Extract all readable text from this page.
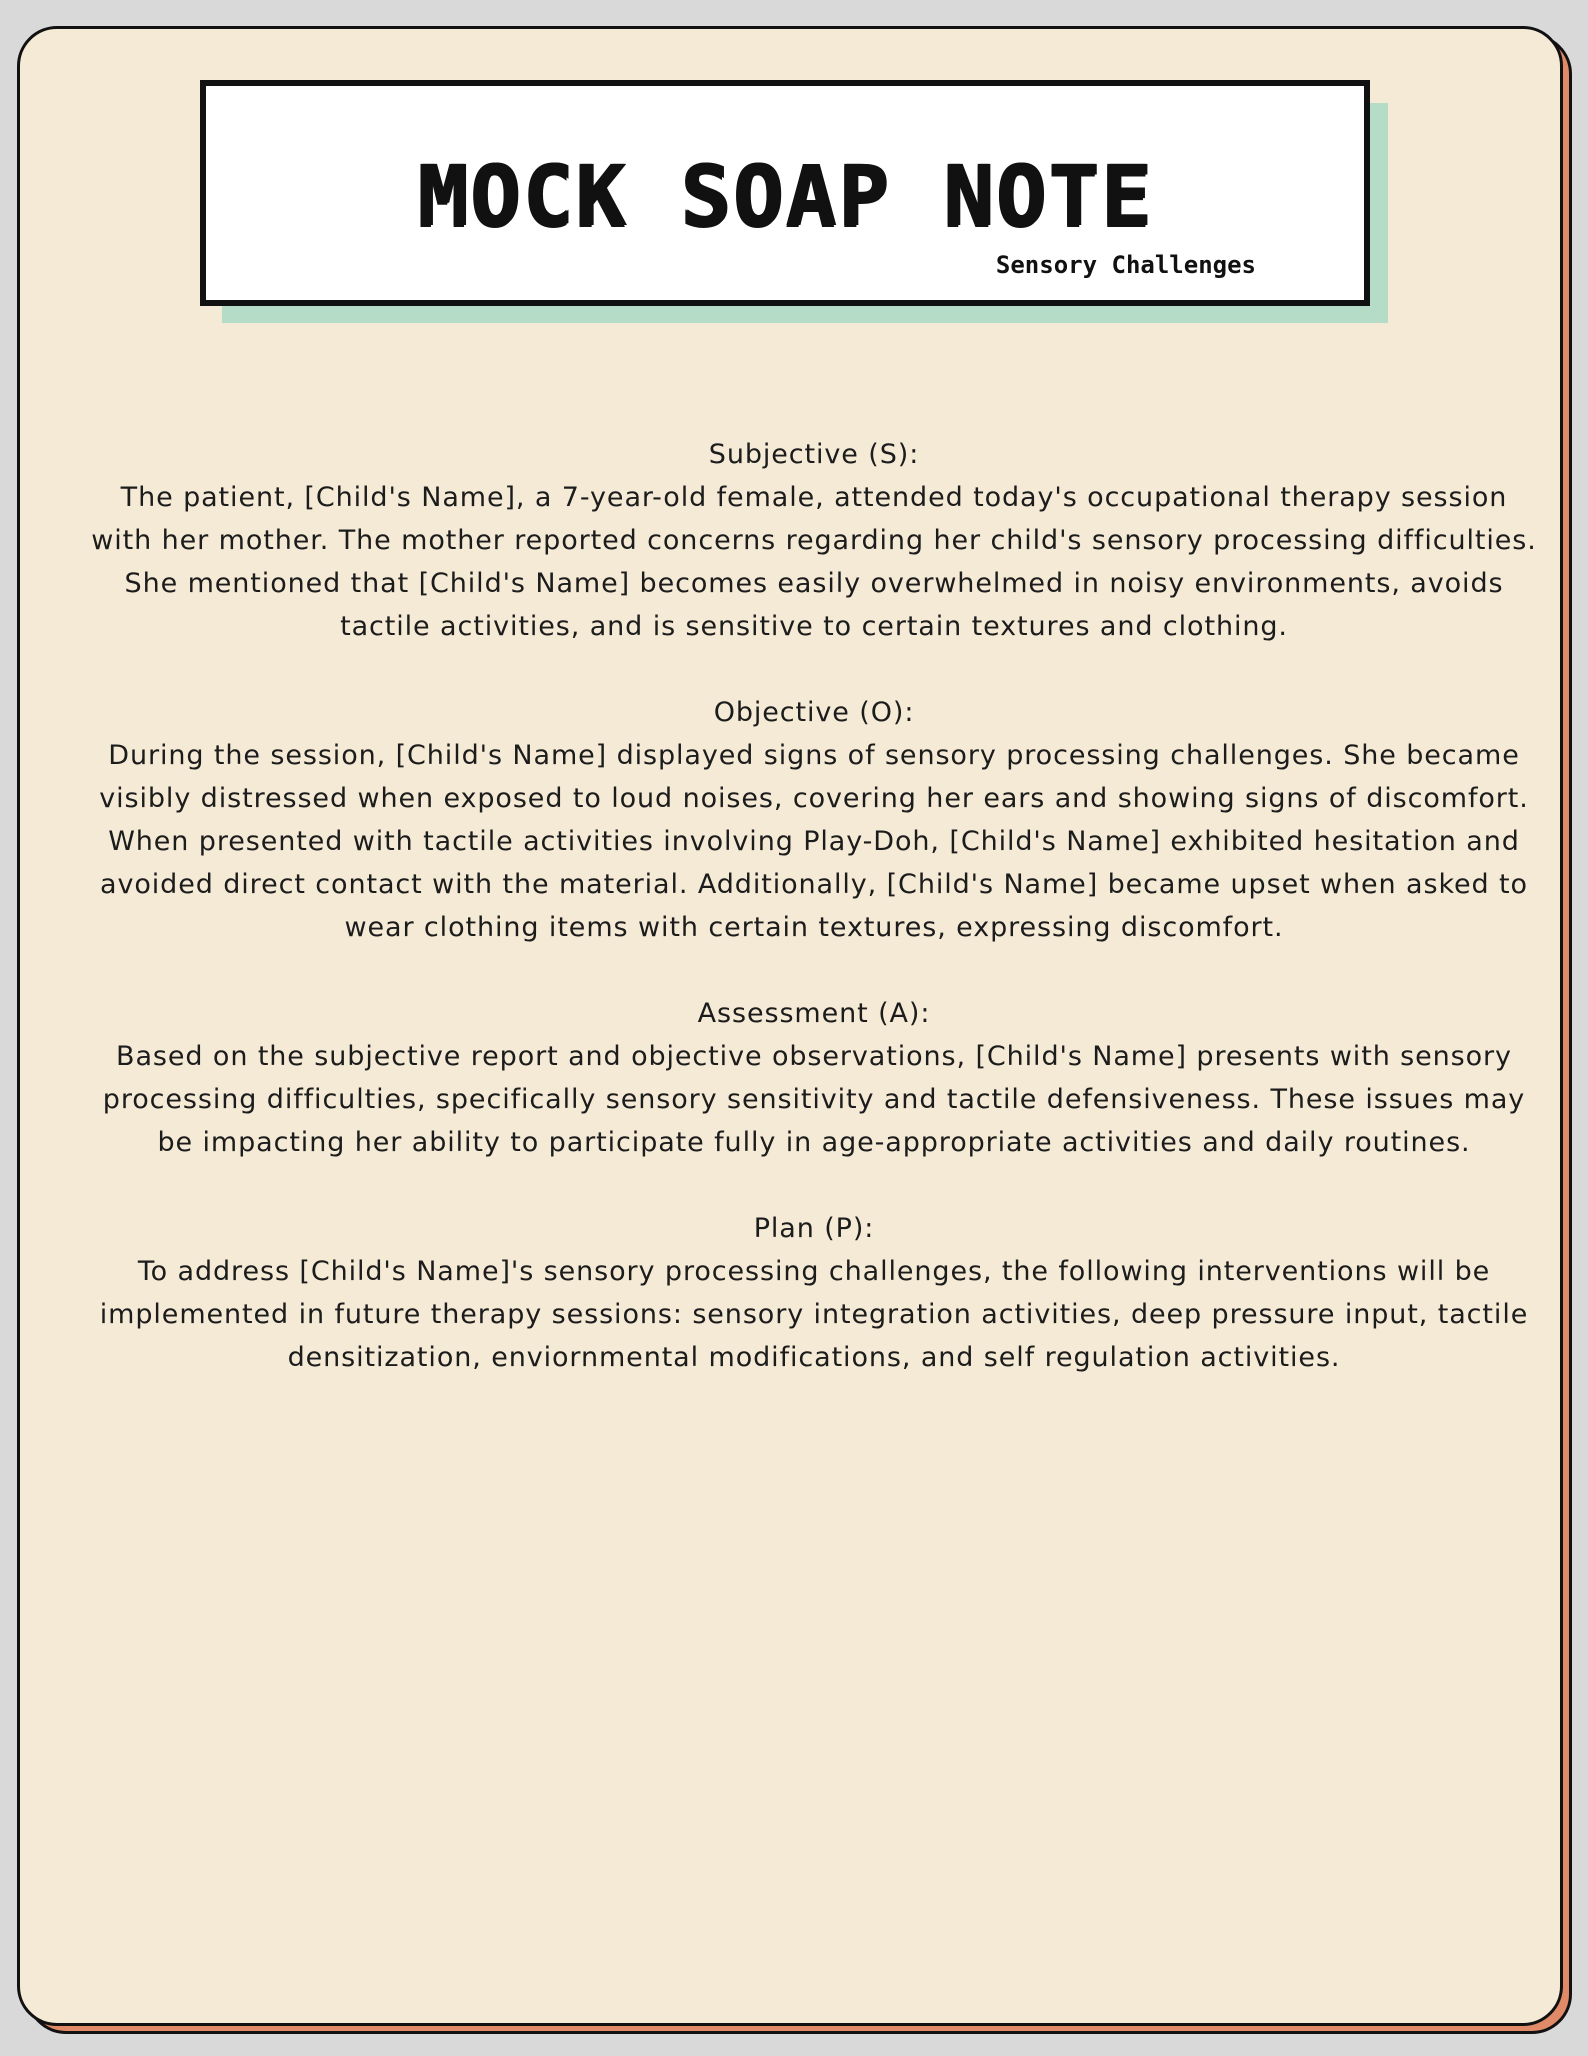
MOCK SOAP NOTE

Sensory Challenges

Subjective (S):

The patient, [Child's Name], a 7-year-old female, attended today's occupational therapy session with her mother. The mother reported concerns regarding her child's sensory processing difficulties. She mentioned that [Child's Name] becomes easily overwhelmed in noisy environments, avoids tactile activities, and is sensitive to certain textures and clothing.

Objective (O):

During the session, [Child's Name] displayed signs of sensory processing challenges. She became visibly distressed when exposed to loud noises, covering her ears and showing signs of discomfort. When presented with tactile activities involving Play-Doh, [Child's Name] exhibited hesitation and avoided direct contact with the material. Additionally, [Child's Name] became upset when asked to wear clothing items with certain textures, expressing discomfort.

Assessment (A):

Based on the subjective report and objective observations, [Child's Name] presents with sensory processing difficulties, specifically sensory sensitivity and tactile defensiveness. These issues may be impacting her ability to participate fully in age-appropriate activities and daily routines.

Plan (P):

To address [Child's Name]'s sensory processing challenges, the following interventions will be implemented in future therapy sessions: sensory integration activities, deep pressure input, tactile densitization, enviornmental modifications, and self regulation activities.
